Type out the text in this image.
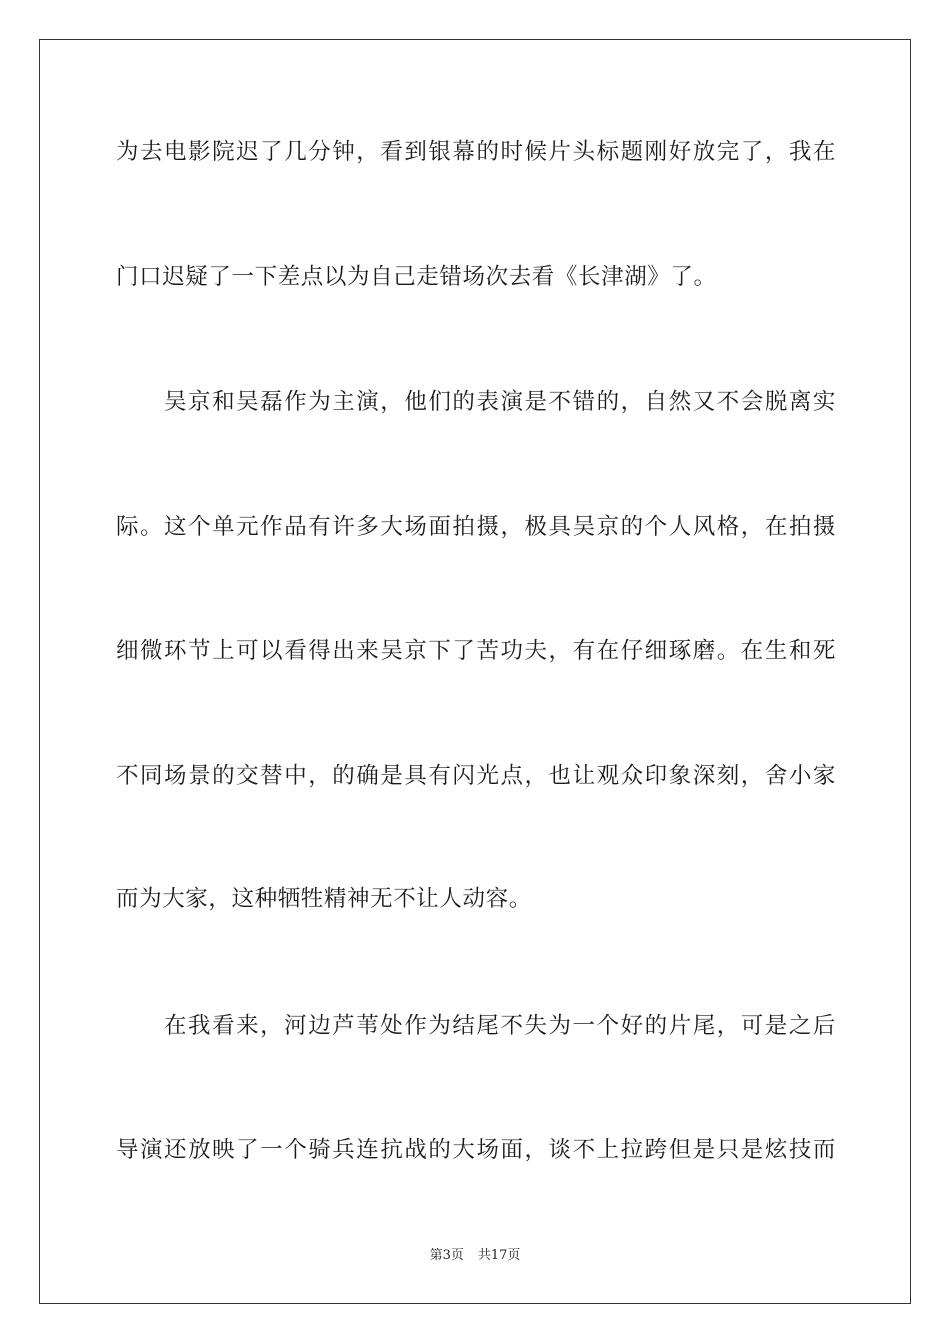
为去电影院迟了几分钟，看到银幕的时候片头标题刚好放完了，我在
门口迟疑了一下差点以为自己走错场次去看《长津湖》了。
吴京和吴磊作为主演，他们的表演是不错的，自然又不会脱离实
际。这个单元作品有许多大场面拍摄，极具吴京的个人风格，在拍摄
细微环节上可以看得出来吴京下了苦功夫，有在仔细琢磨。在生和死
不同场景的交替中，的确是具有闪光点，也让观众印象深刻，舍小家
而为大家，这种牺牲精神无不让人动容。
在我看来，河边芦苇处作为结尾不失为一个好的片尾，可是之后
导演还放映了一个骑兵连抗战的大场面，谈不上拉跨但是只是炫技而
第3页 共17页
